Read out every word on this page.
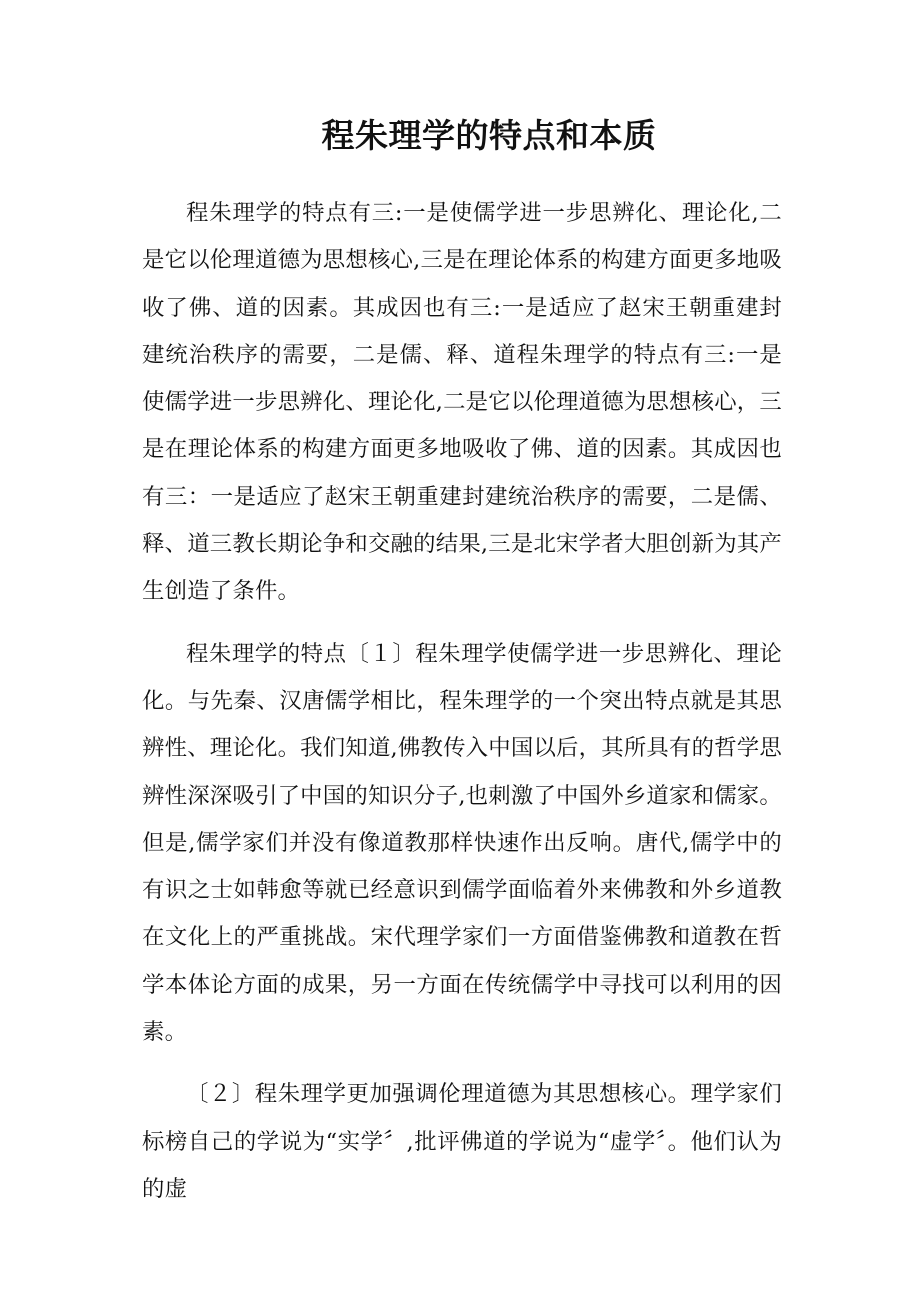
程朱理学的特点和本质

程朱理学的特点有三:一是使儒学进一步思辨化、理论化,二是它以伦理道德为思想核心,三是在理论体系的构建方面更多地吸收了佛、道的因素。其成因也有三:一是适应了赵宋王朝重建封建统治秩序的需要，二是儒、释、道程朱理学的特点有三:一是使儒学进一步思辨化、理论化,二是它以伦理道德为思想核心，三是在理论体系的构建方面更多地吸收了佛、道的因素。其成因也有三：一是适应了赵宋王朝重建封建统治秩序的需要，二是儒、释、道三教长期论争和交融的结果,三是北宋学者大胆创新为其产生创造了条件。

程朱理学的特点〔１〕程朱理学使儒学进一步思辨化、理论化。与先秦、汉唐儒学相比，程朱理学的一个突出特点就是其思辨性、理论化。我们知道,佛教传入中国以后，其所具有的哲学思辨性深深吸引了中国的知识分子,也刺激了中国外乡道家和儒家。但是,儒学家们并没有像道教那样快速作出反响。唐代,儒学中的有识之士如韩愈等就已经意识到儒学面临着外来佛教和外乡道教在文化上的严重挑战。宋代理学家们一方面借鉴佛教和道教在哲学本体论方面的成果，另一方面在传统儒学中寻找可以利用的因素。

〔２〕程朱理学更加强调伦理道德为其思想核心。理学家们标榜自己的学说为“实学〞,批评佛道的学说为“虚学〞。他们认为的虚
